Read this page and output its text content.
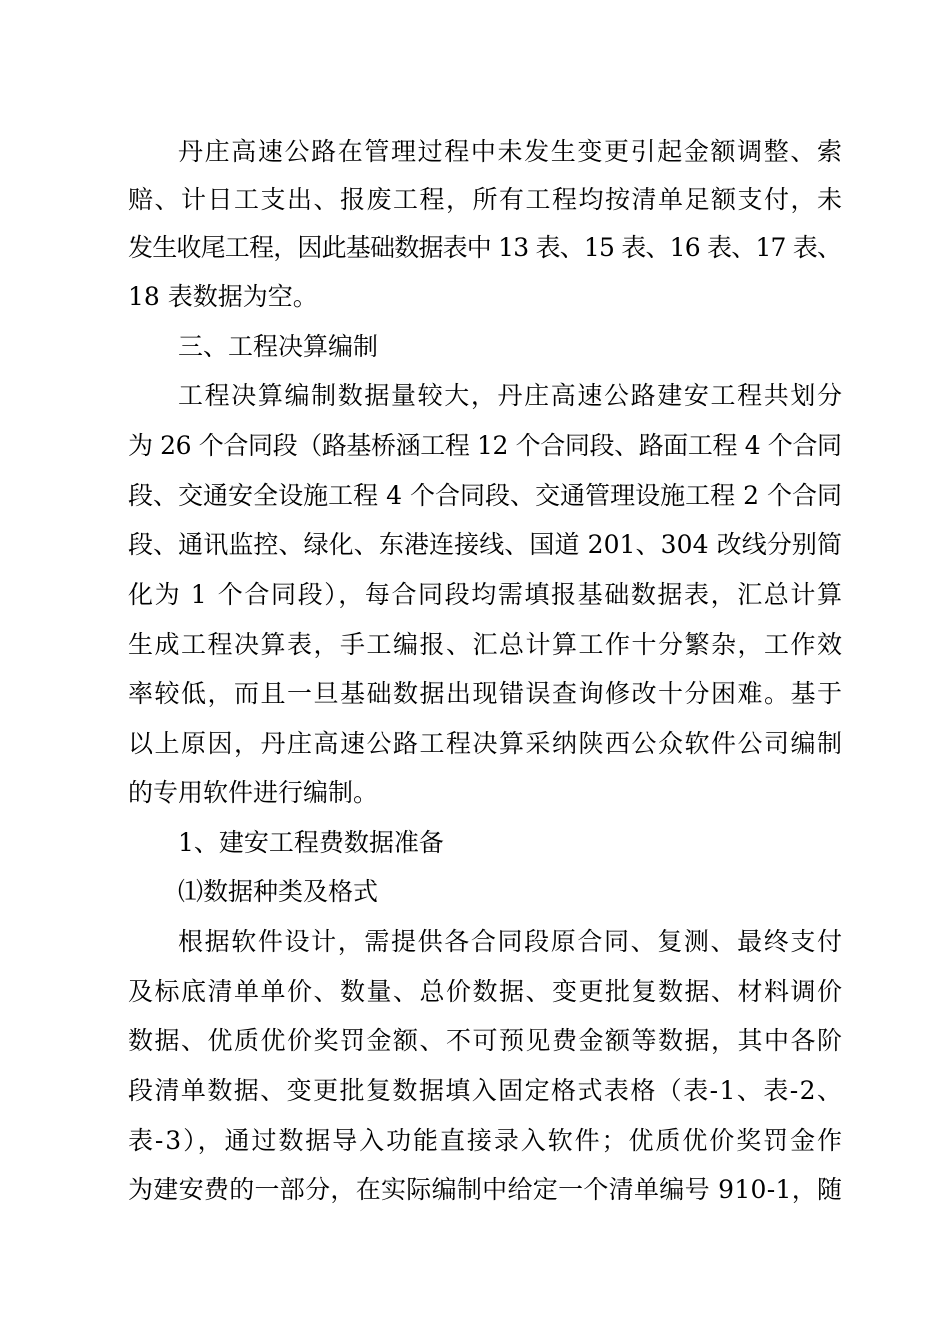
丹庄高速公路在管理过程中未发生变更引起金额调整、索

赔、计日工支出、报废工程，所有工程均按清单足额支付，未

发生收尾工程，因此基础数据表中 13 表、15 表、16 表、17 表、

18 表数据为空。

三、工程决算编制

工程决算编制数据量较大，丹庄高速公路建安工程共划分

为 26 个合同段（路基桥涵工程 12 个合同段、路面工程 4 个合同

段、交通安全设施工程 4 个合同段、交通管理设施工程 2 个合同

段、通讯监控、绿化、东港连接线、国道 201、304 改线分别简

化为 1 个合同段），每合同段均需填报基础数据表，汇总计算

生成工程决算表，手工编报、汇总计算工作十分繁杂，工作效

率较低，而且一旦基础数据出现错误查询修改十分困难。基于

以上原因，丹庄高速公路工程决算采纳陕西公众软件公司编制

的专用软件进行编制。

1、建安工程费数据准备

⑴数据种类及格式

根据软件设计，需提供各合同段原合同、复测、最终支付

及标底清单单价、数量、总价数据、变更批复数据、材料调价

数据、优质优价奖罚金额、不可预见费金额等数据，其中各阶

段清单数据、变更批复数据填入固定格式表格（表-1、表-2、

表-3），通过数据导入功能直接录入软件；优质优价奖罚金作

为建安费的一部分，在实际编制中给定一个清单编号 910-1，随
